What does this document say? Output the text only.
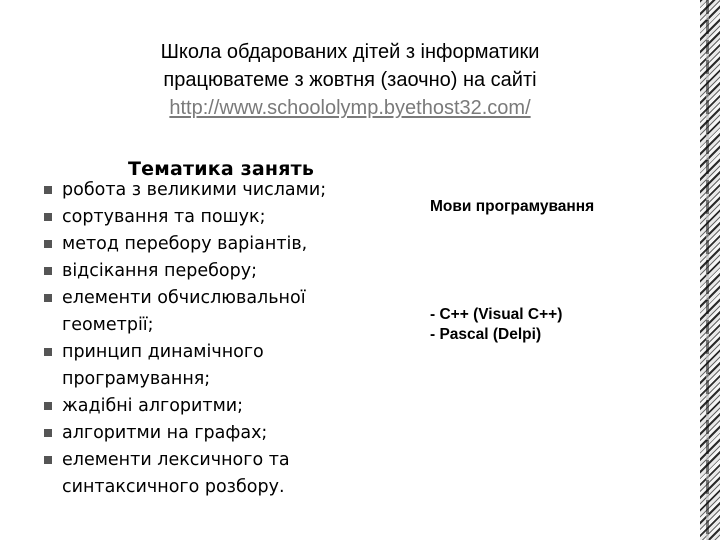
Школа обдарованих дітей з інформатики
працюватеме з жовтня (заочно) на сайті
http://www.schoololymp.byethost32.com/
Тематика занять
робота з великими числами;
сортування та пошук;
метод перебору варіантів,
відсікання перебору;
елементи обчислювальної
геометрії;
принцип динамічного
програмування;
жадібні алгоритми;
алгоритми на графах;
елементи лексичного та
синтаксичного розбору.
Мови програмування
- C++ (Visual C++)
- Pascal (Delpi)
